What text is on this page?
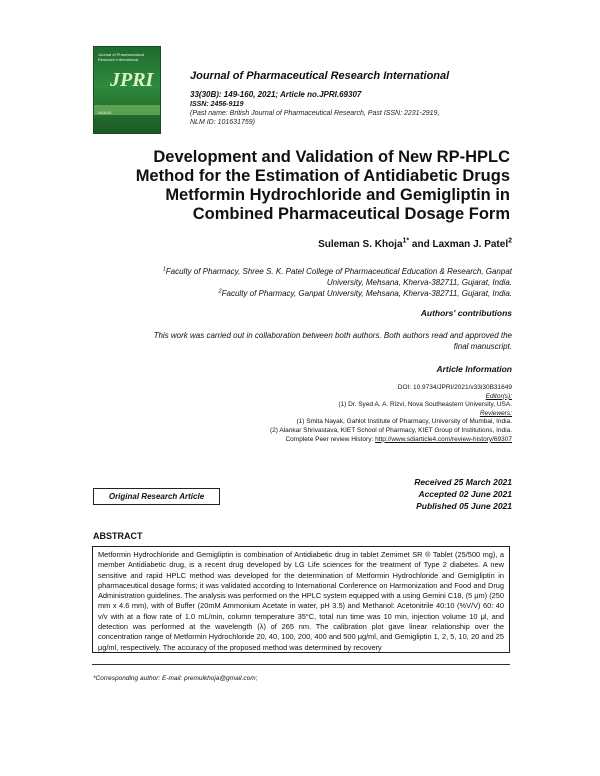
Journal of Pharmaceutical Research International
JPRI
NLM ID
Journal of Pharmaceutical Research International
33(30B): 149-160, 2021; Article no.JPRI.69307
ISSN: 2456-9119
(Past name: British Journal of Pharmaceutical Research, Past ISSN: 2231-2919,
NLM ID: 101631759)
Development and Validation of New RP-HPLC
Method for the Estimation of Antidiabetic Drugs
Metformin Hydrochloride and Gemigliptin in
Combined Pharmaceutical Dosage Form
Suleman S. Khoja$^{1*}$ and Laxman J. Patel$^2$
$^1$Faculty of Pharmacy, Shree S. K. Patel College of Pharmaceutical Education & Research, Ganpat
University, Mehsana, Kherva-382711, Gujarat, India.
$^2$Faculty of Pharmacy, Ganpat University, Mehsana, Kherva-382711, Gujarat, India.
Authors' contributions
This work was carried out in collaboration between both authors. Both authors read and approved the
final manuscript.
Article Information
DOI: 10.9734/JPRI/2021/v33i30B31649
Editor(s):
(1) Dr. Syed A. A. Rizvi, Nova Southeastern University, USA.
Reviewers:
(1) Smita Nayak, Gahlot Institute of Pharmacy, University of Mumbai, India.
(2) Alankar Shrivastava, KIET School of Pharmacy, KIET Group of Institutions, India.
Complete Peer review History: http://www.sdiarticle4.com/review-history/69307
Original Research Article
Received 25 March 2021
Accepted 02 June 2021
Published 05 June 2021
ABSTRACT
Metformin Hydrochloride and Gemigliptin is combination of Antidiabetic drug in tablet Zemimet SR ® Tablet (25/500 mg), a member Antidiabetic drug, is a recent drug developed by LG Life sciences for the treatment of Type 2 diabetes. A new sensitive and rapid HPLC method was developed for the determination of Metformin Hydrochloride and Gemigliptin in pharmaceutical dosage forms; it was validated according to International Conference on Harmonization and Food and Drug Administration guidelines. The analysis was performed on the HPLC system equipped with a using Gemini C18, (5 μm) (250 mm x 4.6 mm), with of Buffer (20mM Ammonium Acetate in water, pH 3.5) and Methanol: Acetonitrile 40:10 (%V/V) 60: 40 v/v with at a flow rate of 1.0 mL/min, column temperature 35°C, total run time was 10 min, injection volume 10 μl, and detection was performed at the wavelength (λ) of 265 nm. The calibration plot gave linear relationship over the concentration range of Metformin Hydrochloride 20, 40, 100, 200, 400 and 500 μg/ml, and Gemigliptin 1, 2, 5, 10, 20 and 25 μg/ml, respectively. The accuracy of the proposed method was determined by recovery
*Corresponding author: E-mail: premulkhoja@gmail.com;
